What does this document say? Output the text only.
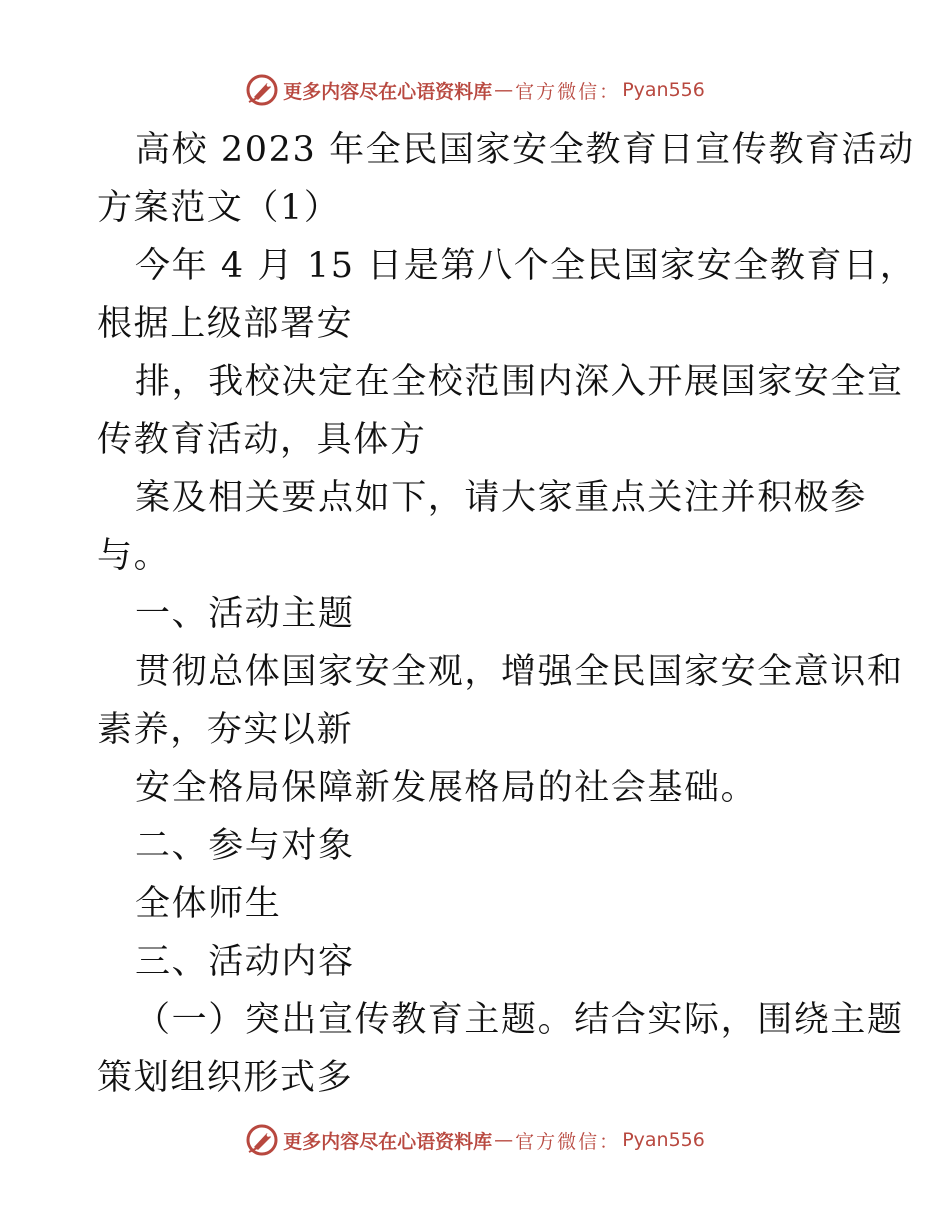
更多内容尽在心语资料库 — 官方微信： Pyan556
高校 2023 年全民国家安全教育日宣传教育活动
方案范文（1）
今年 4 月 15 日是第八个全民国家安全教育日，
根据上级部署安
排，我校决定在全校范围内深入开展国家安全宣
传教育活动，具体方
案及相关要点如下，请大家重点关注并积极参
与。
一、活动主题
贯彻总体国家安全观，增强全民国家安全意识和
素养，夯实以新
安全格局保障新发展格局的社会基础。
二、参与对象
全体师生
三、活动内容
（一）突出宣传教育主题。结合实际，围绕主题
策划组织形式多
更多内容尽在心语资料库 — 官方微信： Pyan556
